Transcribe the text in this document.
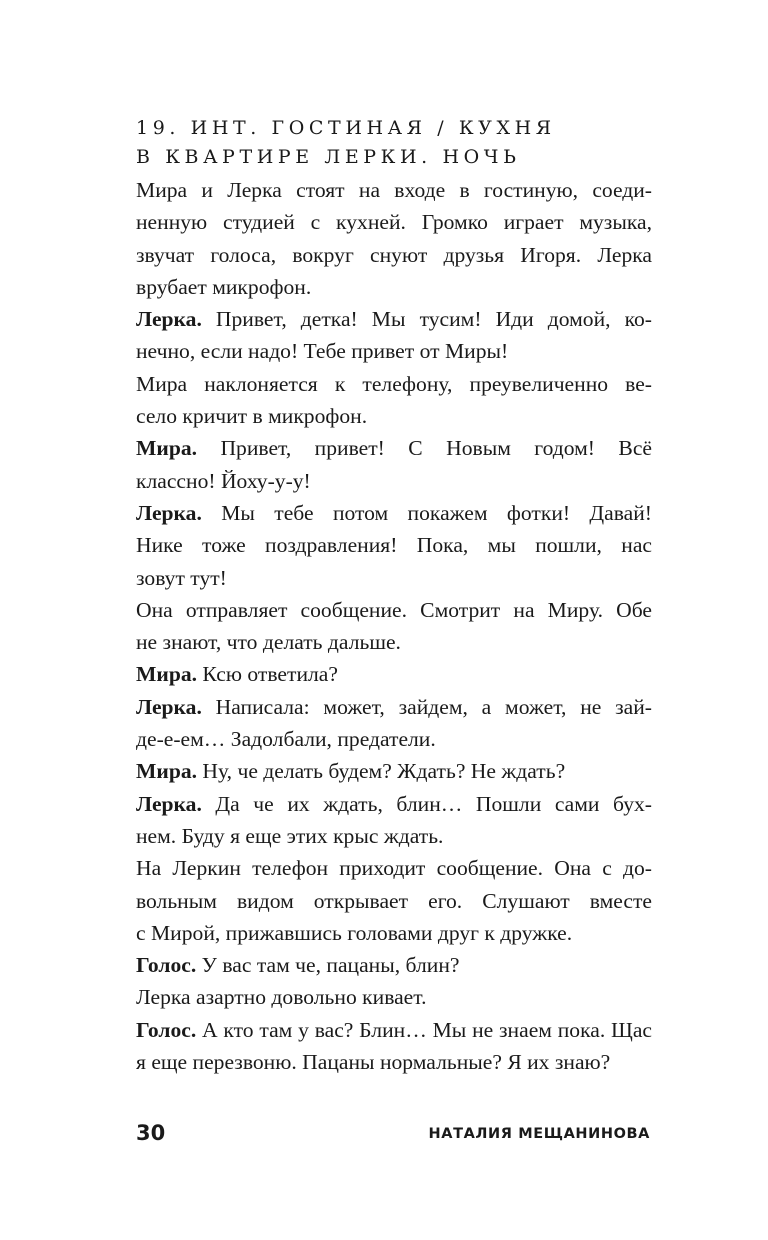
19. ИНТ. ГОСТИНАЯ / КУХНЯ
В КВАРТИРЕ ЛЕРКИ. НОЧЬ
Мира и Лерка стоят на входе в гостиную, соеди-
ненную студией с кухней. Громко играет музыка,
звучат голоса, вокруг снуют друзья Игоря. Лерка
врубает микрофон.
Лерка. Привет, детка! Мы тусим! Иди домой, ко-
нечно, если надо! Тебе привет от Миры!
Мира наклоняется к телефону, преувеличенно ве-
село кричит в микрофон.
Мира. Привет, привет! С Новым годом! Всё
классно! Йоху-у-у!
Лерка. Мы тебе потом покажем фотки! Давай!
Нике тоже поздравления! Пока, мы пошли, нас
зовут тут!
Она отправляет сообщение. Смотрит на Миру. Обе
не знают, что делать дальше.
Мира. Ксю ответила?
Лерка. Написала: может, зайдем, а может, не зай-
де-е-ем… Задолбали, предатели.
Мира. Ну, че делать будем? Ждать? Не ждать?
Лерка. Да че их ждать, блин… Пошли сами бух-
нем. Буду я еще этих крыс ждать.
На Леркин телефон приходит сообщение. Она с до-
вольным видом открывает его. Слушают вместе
с Мирой, прижавшись головами друг к дружке.
Голос. У вас там че, пацаны, блин?
Лерка азартно довольно кивает.
Голос. А кто там у вас? Блин… Мы не знаем пока. Щас
я еще перезвоню. Пацаны нормальные? Я их знаю?
30	НАТАЛИЯ МЕЩАНИНОВА
